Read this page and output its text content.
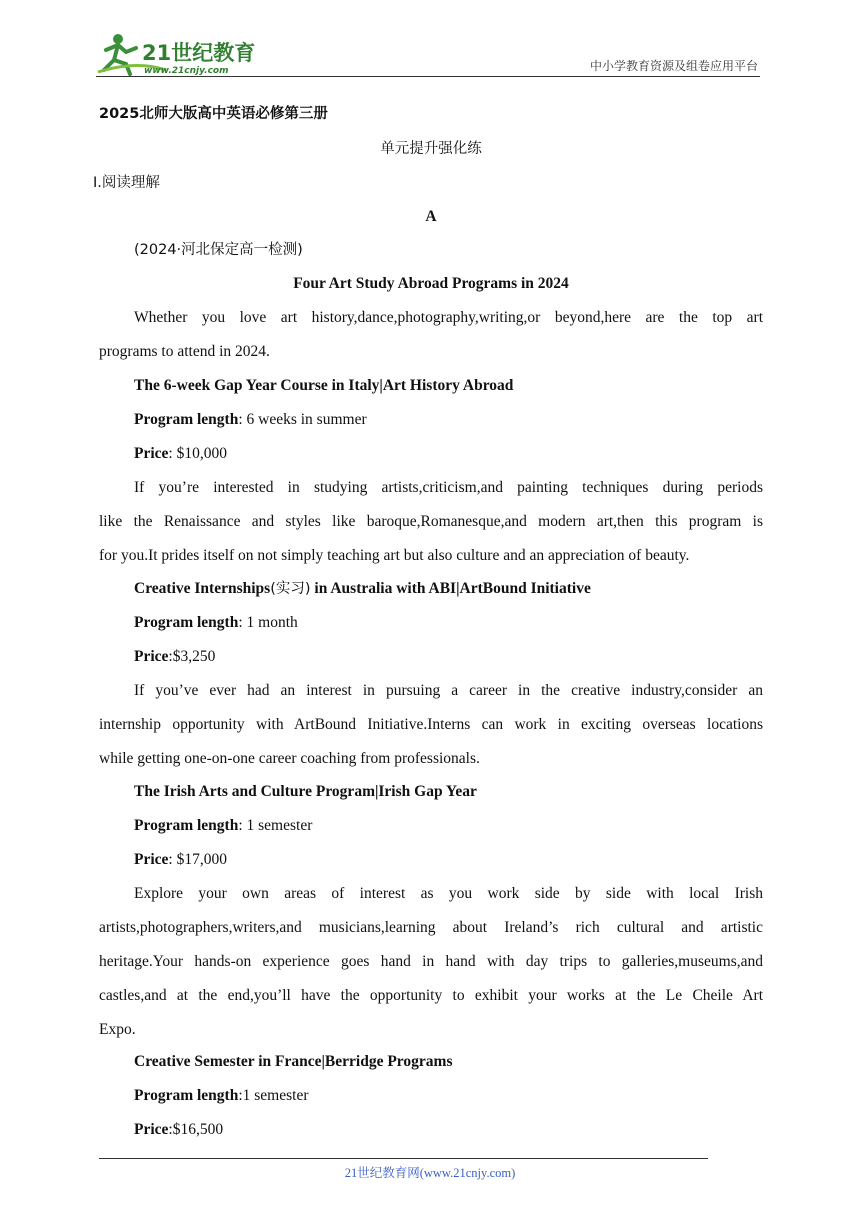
21世纪教育
www.21cnjy.com	中小学教育资源及组卷应用平台
2025北师大版高中英语必修第三册
单元提升强化练
Ⅰ.阅读理解
A
(2024·河北保定高一检测)
Four Art Study Abroad Programs in 2024
Whether you love art history,dance,photography,writing,or beyond,here are the top art
programs to attend in 2024.
The 6-week Gap Year Course in Italy|Art History Abroad
Program length: 6 weeks in summer
Price: $10,000
If you’re interested in studying artists,criticism,and painting techniques during periods
like the Renaissance and styles like baroque,Romanesque,and modern art,then this program is
for you.It prides itself on not simply teaching art but also culture and an appreciation of beauty.
Creative Internships(实习) in Australia with ABI|ArtBound Initiative
Program length: 1 month
Price:$3,250
If you’ve ever had an interest in pursuing a career in the creative industry,consider an
internship opportunity with ArtBound Initiative.Interns can work in exciting overseas locations
while getting one-on-one career coaching from professionals.
The Irish Arts and Culture Program|Irish Gap Year
Program length: 1 semester
Price: $17,000
Explore your own areas of interest as you work side by side with local Irish
artists,photographers,writers,and musicians,learning about Ireland’s rich cultural and artistic
heritage.Your hands-on experience goes hand in hand with day trips to galleries,museums,and
castles,and at the end,you’ll have the opportunity to exhibit your works at the Le Cheile Art
Expo.
Creative Semester in France|Berridge Programs
Program length:1 semester
Price:$16,500
21世纪教育网(www.21cnjy.com)
